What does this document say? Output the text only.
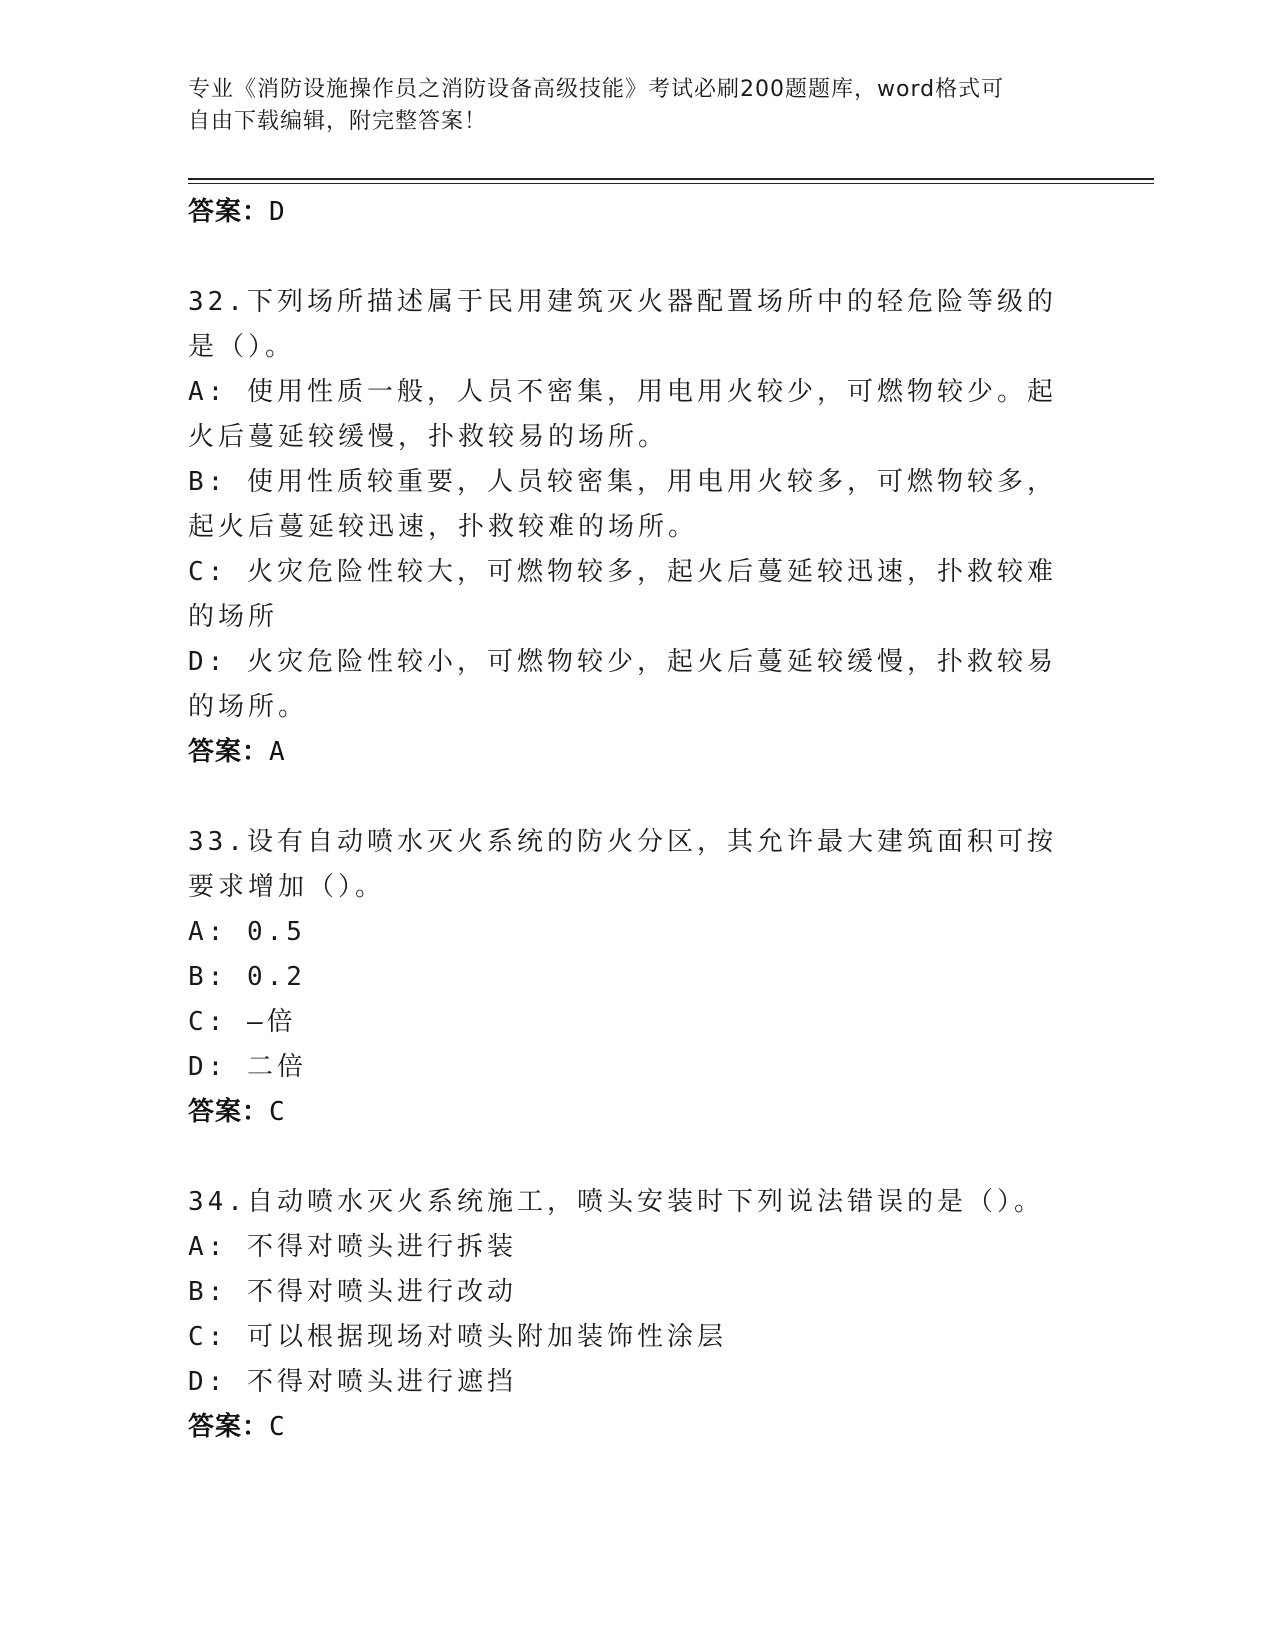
专业《消防设施操作员之消防设备高级技能》考试必刷200题题库，word格式可
自由下载编辑，附完整答案！
答案：D

32.下列场所描述属于民用建筑灭火器配置场所中的轻危险等级的是（）。

A: 使用性质一般，人员不密集，用电用火较少，可燃物较少。起火后蔓延较缓慢，扑救较易的场所。

B: 使用性质较重要，人员较密集，用电用火较多，可燃物较多，起火后蔓延较迅速，扑救较难的场所。

C: 火灾危险性较大，可燃物较多，起火后蔓延较迅速，扑救较难的场所

D: 火灾危险性较小，可燃物较少，起火后蔓延较缓慢，扑救较易的场所。

答案：A

33.设有自动喷水灭火系统的防火分区，其允许最大建筑面积可按要求增加（）。

A: 0.5

B: 0.2

C: —倍

D: 二倍

答案：C

34.自动喷水灭火系统施工，喷头安装时下列说法错误的是（）。

A: 不得对喷头进行拆装

B: 不得对喷头进行改动

C: 可以根据现场对喷头附加装饰性涂层

D: 不得对喷头进行遮挡

答案：C
